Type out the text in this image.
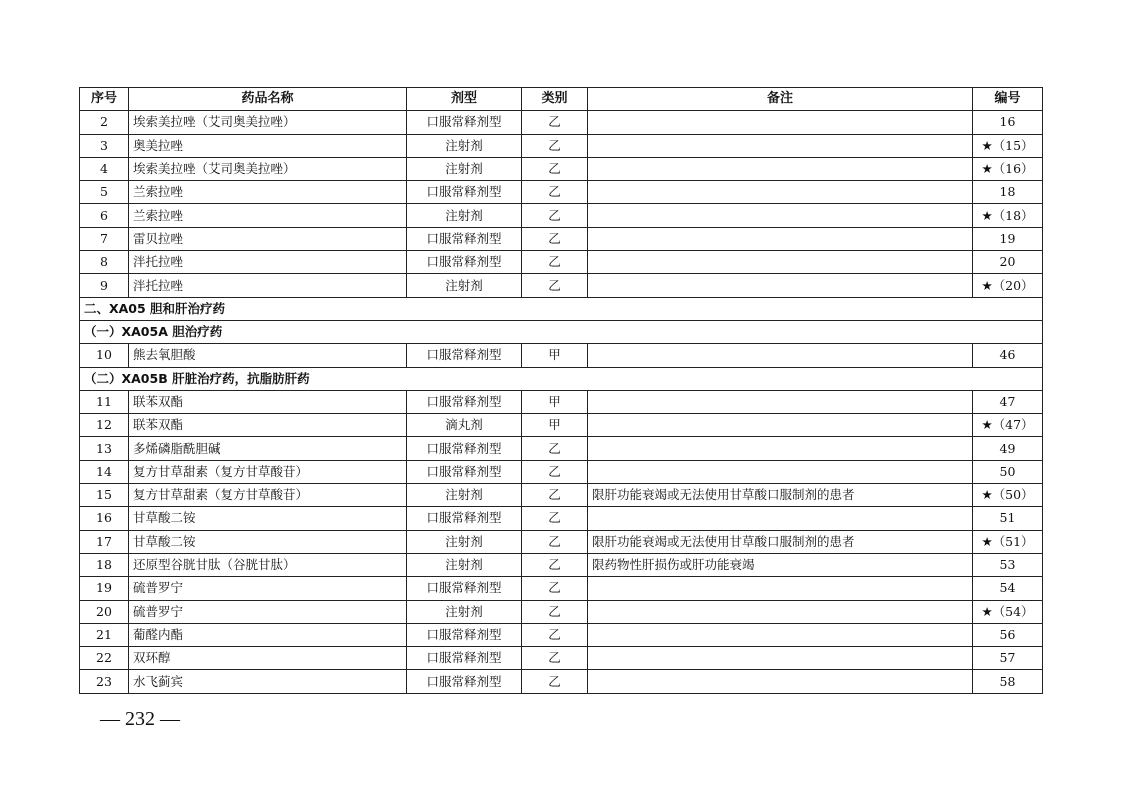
序号	药品名称	剂型	类别	备注	编号
2	埃索美拉唑（艾司奥美拉唑）	口服常释剂型	乙		16
3	奥美拉唑	注射剂	乙		★（15）
4	埃索美拉唑（艾司奥美拉唑）	注射剂	乙		★（16）
5	兰索拉唑	口服常释剂型	乙		18
6	兰索拉唑	注射剂	乙		★（18）
7	雷贝拉唑	口服常释剂型	乙		19
8	泮托拉唑	口服常释剂型	乙		20
9	泮托拉唑	注射剂	乙		★（20）
二、XA05 胆和肝治疗药					
（一）XA05A 胆治疗药					
10	熊去氧胆酸	口服常释剂型	甲		46
（二）XA05B 肝脏治疗药，抗脂肪肝药					
11	联苯双酯	口服常释剂型	甲		47
12	联苯双酯	滴丸剂	甲		★（47）
13	多烯磷脂酰胆碱	口服常释剂型	乙		49
14	复方甘草甜素（复方甘草酸苷）	口服常释剂型	乙		50
15	复方甘草甜素（复方甘草酸苷）	注射剂	乙	限肝功能衰竭或无法使用甘草酸口服制剂的患者	★（50）
16	甘草酸二铵	口服常释剂型	乙		51
17	甘草酸二铵	注射剂	乙	限肝功能衰竭或无法使用甘草酸口服制剂的患者	★（51）
18	还原型谷胱甘肽（谷胱甘肽）	注射剂	乙	限药物性肝损伤或肝功能衰竭	53
19	硫普罗宁	口服常释剂型	乙		54
20	硫普罗宁	注射剂	乙		★（54）
21	葡醛内酯	口服常释剂型	乙		56
22	双环醇	口服常释剂型	乙		57
23	水飞蓟宾	口服常释剂型	乙		58
— 232 —
